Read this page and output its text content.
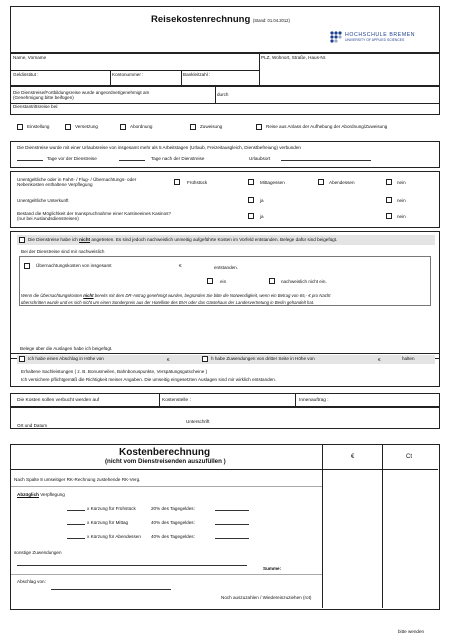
Reisekostenrechnung (Stand: 01.04.2012)
HOCHSCHULE BREMEN
UNIVERSITY OF APPLIED SCIENCES
Name, Vorname	PLZ, Wohnort, Straße, Haus-Nr.
Geldinstitut :	Kontonummer :	Bankleitzahl :
Die Dienstreise/Fortbildungsreise wurde angeordnet/genehmigt am
(Genehmigung bitte beifügen)
durch
Dienstantrittsreise bei:
Einstellung	Versetzung	Abordnung	Zuweisung	Reise aus Anlass der Aufhebung der Abordnung/Zuweisung
Die Dienstreise wurde mit einer Urlaubsreise von insgesamt mehr als 5 Arbeitstagen (Urlaub, Freizeitausgleich, Dienstbefreiung) verbunden
Tage vor der Dienstreise	Tage nach der Dienstreise	Urlaubsort
Unentgeltliche oder in Fahrt- / Flug- / Übernachtungs- oder
Nebenkosten enthaltene Verpflegung	Frühstück	Mittagessen	Abendessen	nein
Unentgeltliche Unterkunft	ja	nein
Bestand die Möglichkeit der Inanspruchnahme einer Kantineeines Kasinos?
(nur bei Auslandsdienstreisen)	ja	nein
Die Dienstreise habe ich nicht angetreten. Es sind jedoch nachweislich unmeitig aufgeführte Kosten im Vorfeld entstanden. Belege dafür sind beigefügt.
Bei der Dienstreise sind mir nachweislich
Übernachtungskosten von insgesamt	€	entstanden.
ein	nachweislich nicht ein.
Wenn die Übernachtungskosten nicht bereits mit dem DR-Antrag genehmigt wurden, begründen Sie bitte die Notwendigkeit, wenn ein Betrag von 65,- € pro Nacht
überschritten wurde und es sich nicht um einen Sonderpreis aus der Hotelliste des BVA oder das Gästehaus der Landesvertretung in Berlin gehandelt hat.
Belege über die Auslagen habe ich beigefügt.
Ich habe einen Abschlag in Höhe von	€	h habe Zuwendungen von dritter Seite in Höhe von	€	halten
Erhaltene Sachleistungen ( z. B. Bonusmeilen, Bahnbonuspunkte, Verspätungsgutscheine )
Ich versichere pflichtgemäß die Richtigkeit meiner Angaben. Die umseitig eingesetzten Auslagen sind mir wirklich entstanden.
Die Kosten sollen verbucht werden auf	Kostenstelle :	Innenauftrag :
Ort und Datum
Unterschrift
Kostenberechnung
(nicht vom Dienstreisenden auszufüllen )
€	Ct
Nach Spalte 8 umseitiger RK-Rechnung zustehende RK-Verg.
Abzüglich Verpflegung
x Kürzung für Frühstück	20% des Tagegeldes:
x Kürzung für Mittag	40% des Tagegeldes:
x Kürzung für Abendessen 40% des Tagegeldes:
sonstige Zuwendungen
Summe:
Abschlag von:
Noch auszuzahlen / Wiedereinzuziehen (rot)
bitte wenden
